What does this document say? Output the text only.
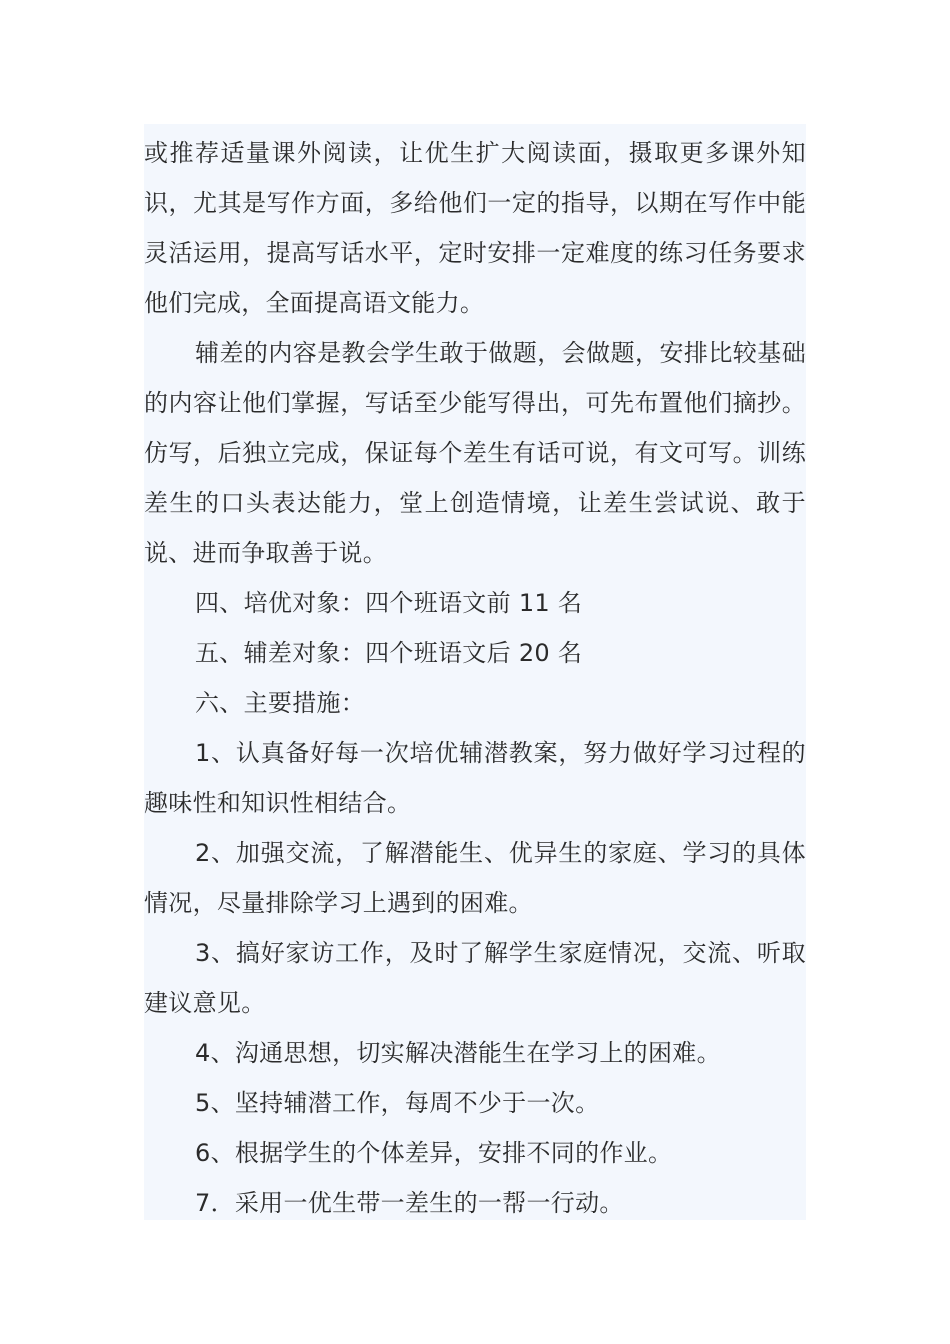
或推荐适量课外阅读，让优生扩大阅读面，摄取更多课外知识，尤其是写作方面，多给他们一定的指导，以期在写作中能灵活运用，提高写话水平，定时安排一定难度的练习任务要求他们完成，全面提高语文能力。

辅差的内容是教会学生敢于做题，会做题，安排比较基础的内容让他们掌握，写话至少能写得出，可先布置他们摘抄。仿写，后独立完成，保证每个差生有话可说，有文可写。训练差生的口头表达能力，堂上创造情境，让差生尝试说、敢于说、进而争取善于说。

四、培优对象：四个班语文前 11 名

五、辅差对象：四个班语文后 20 名

六、主要措施：

1、认真备好每一次培优辅潜教案，努力做好学习过程的趣味性和知识性相结合。

2、加强交流，了解潜能生、优异生的家庭、学习的具体情况，尽量排除学习上遇到的困难。

3、搞好家访工作，及时了解学生家庭情况，交流、听取建议意见。

4、沟通思想，切实解决潜能生在学习上的困难。

5、坚持辅潜工作，每周不少于一次。

6、根据学生的个体差异，安排不同的作业。

7．采用一优生带一差生的一帮一行动。
